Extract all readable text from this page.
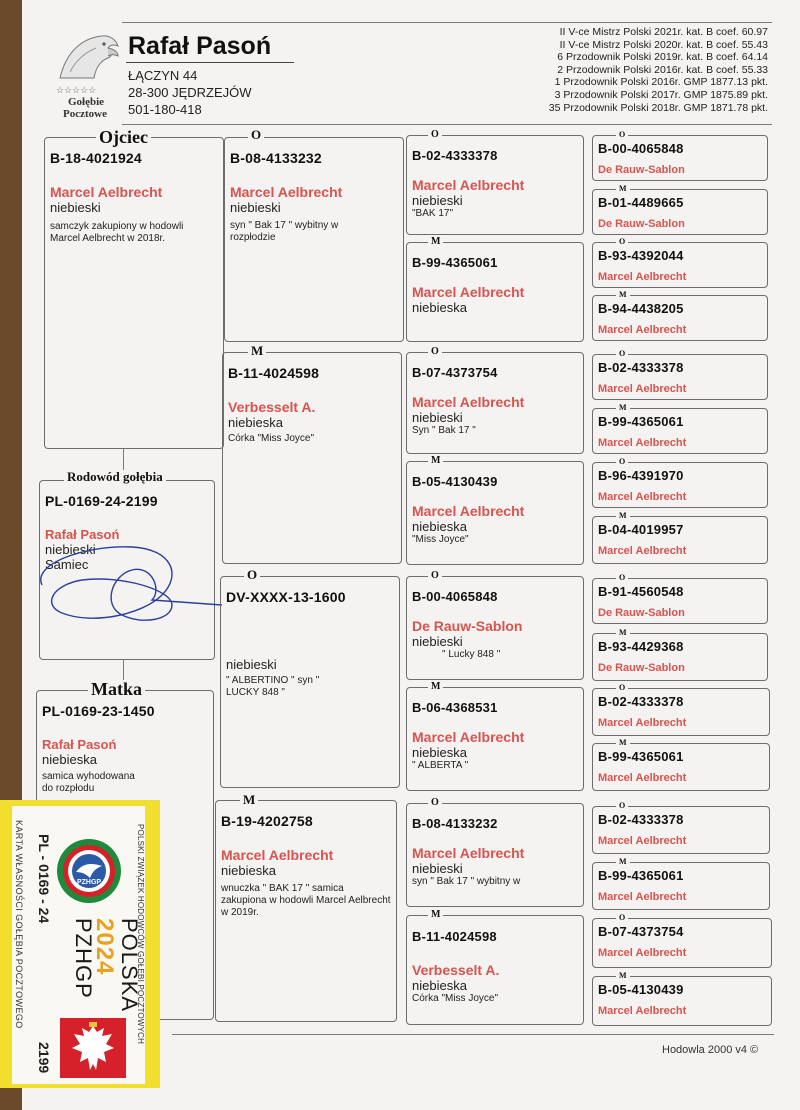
☆☆☆☆☆
Gołębie
Pocztowe
Rafał Pasoń
ŁĄCZYN 44
28-300 JĘDRZEJÓW
501-180-418
II V-ce Mistrz Polski 2021r. kat. B coef. 60.97
II V-ce Mistrz Polski 2020r. kat. B coef. 55.43
6 Przodownik Polski 2019r. kat. B coef. 64.14
2 Przodownik Polski 2016r. kat. B coef. 55.33
1 Przodownik Polski 2016r. GMP 1877.13 pkt.
3 Przodownik Polski 2017r. GMP 1875.89 pkt.
35 Przodownik Polski 2018r. GMP 1871.78 pkt.
B-18-4021924
Marcel Aelbrecht
niebieski
samczyk zakupiony w hodowli Marcel Aelbrecht w 2018r.
Ojciec
PL-0169-24-2199
Rafał Pasoń
niebieski
Samiec
Rodowód gołębia
PL-0169-23-1450
Rafał Pasoń
niebieska
samica wyhodowana do rozpłodu
Matka
B-08-4133232
Marcel Aelbrecht
niebieski
syn " Bak 17 " wybitny w rozpłodzie
O
B-11-4024598
Verbesselt A.
niebieska
Córka "Miss Joyce"
M
DV-XXXX-13-1600
niebieski
" ALBERTINO " syn " LUCKY 848 "
O
B-19-4202758
Marcel Aelbrecht
niebieska
wnuczka " BAK 17 " samica zakupiona w hodowli Marcel Aelbrecht w 2019r.
M
B-02-4333378
Marcel Aelbrecht
niebieski
"BAK 17"
O
B-99-4365061
Marcel Aelbrecht
niebieska
M
B-07-4373754
Marcel Aelbrecht
niebieski
Syn " Bak 17 "
O
B-05-4130439
Marcel Aelbrecht
niebieska
"Miss Joyce"
M
B-00-4065848
De Rauw-Sablon
niebieski
" Lucky 848 "
O
B-06-4368531
Marcel Aelbrecht
niebieska
" ALBERTA "
M
B-08-4133232
Marcel Aelbrecht
niebieski
syn " Bak 17 " wybitny w
O
B-11-4024598
Verbesselt A.
niebieska
Córka "Miss Joyce"
M
B-00-4065848
De Rauw-Sablon
O
B-01-4489665
De Rauw-Sablon
M
B-93-4392044
Marcel Aelbrecht
O
B-94-4438205
Marcel Aelbrecht
M
B-02-4333378
Marcel Aelbrecht
O
B-99-4365061
Marcel Aelbrecht
M
B-96-4391970
Marcel Aelbrecht
O
B-04-4019957
Marcel Aelbrecht
M
B-91-4560548
De Rauw-Sablon
O
B-93-4429368
De Rauw-Sablon
M
B-02-4333378
Marcel Aelbrecht
O
B-99-4365061
Marcel Aelbrecht
M
B-02-4333378
Marcel Aelbrecht
O
B-99-4365061
Marcel Aelbrecht
M
B-07-4373754
Marcel Aelbrecht
O
B-05-4130439
Marcel Aelbrecht
M
Hodowla 2000 v4 ©
KARTA WŁASNOŚCI GOŁĘBIA POCZTOWEGO PL - 0169 - 24
2199
PZHGP
PZHGP
2024 POLSKA
POLSKI ZWIĄZEK HODOWCÓW GOŁĘBI POCZTOWYCH
